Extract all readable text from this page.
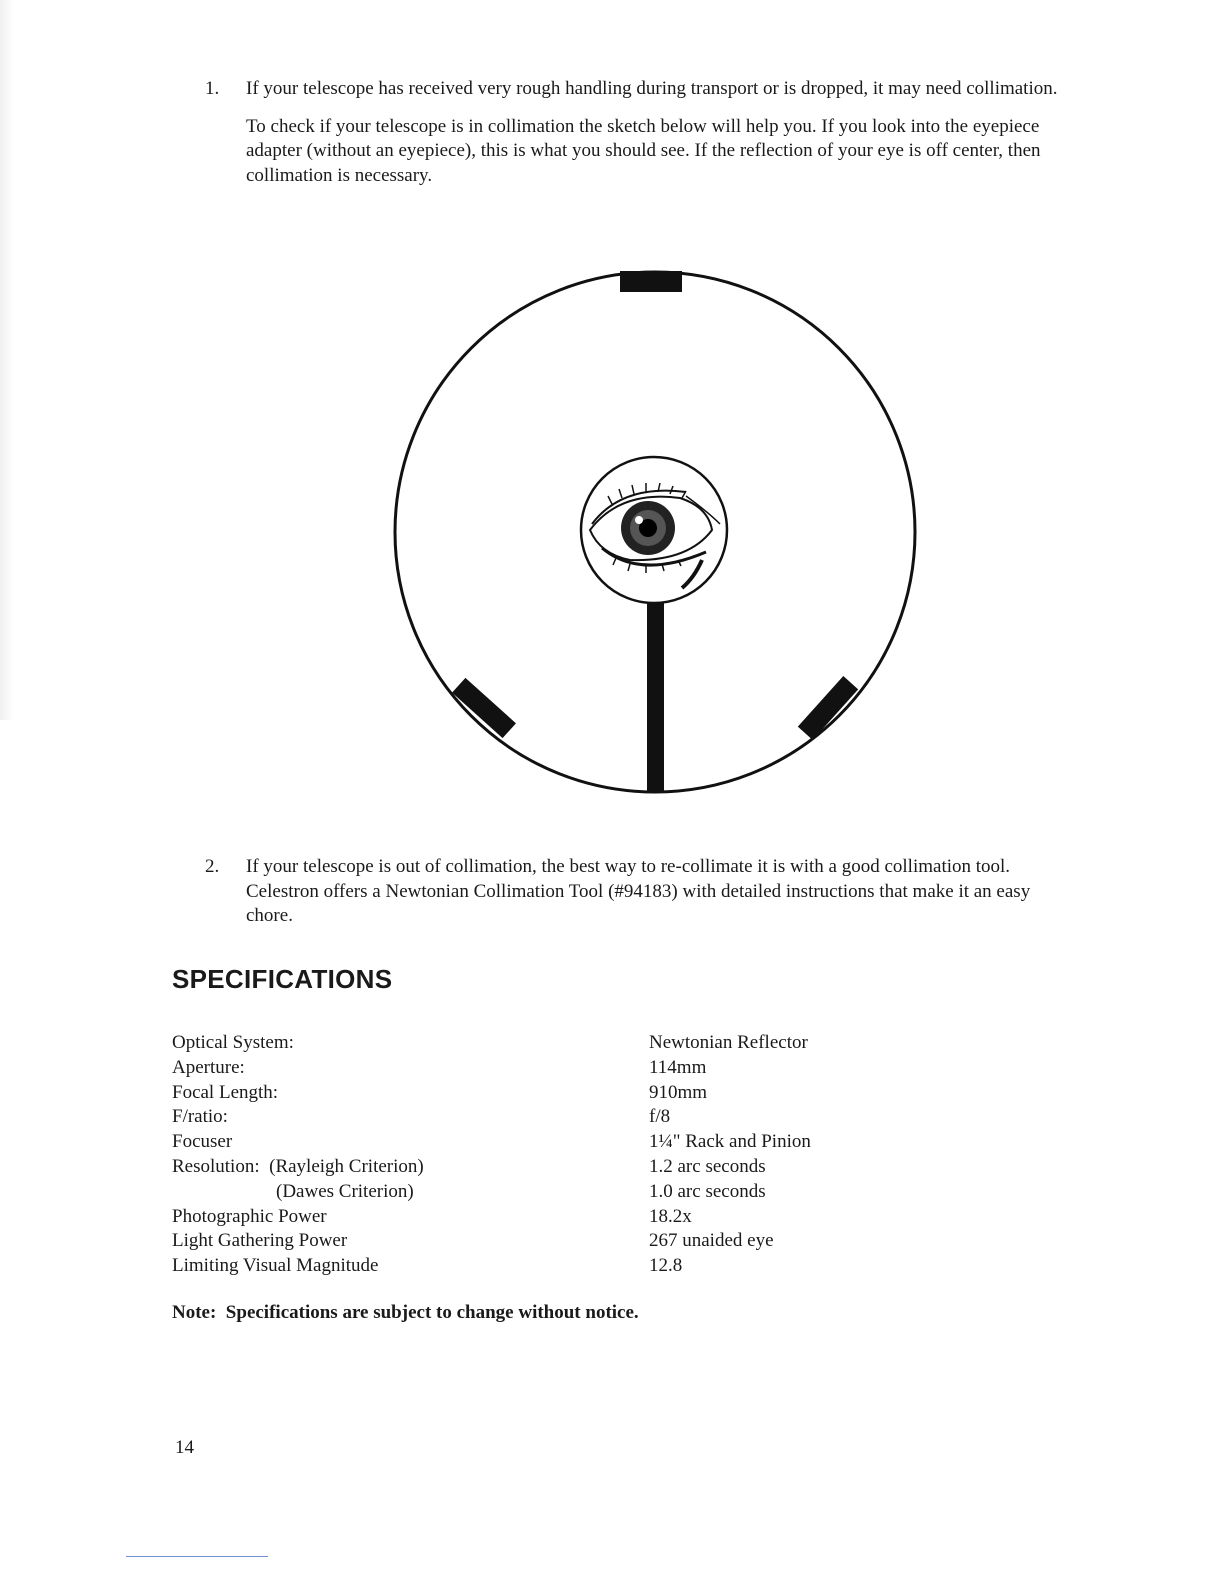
1. If your telescope has received very rough handling during transport or is dropped, it may need collimation.

To check if your telescope is in collimation the sketch below will help you. If you look into the eyepiece adapter (without an eyepiece), this is what you should see. If the reflection of your eye is off center, then collimation is necessary.

2. If your telescope is out of collimation, the best way to re-collimate it is with a good collimation tool. Celestron offers a Newtonian Collimation Tool (#94183) with detailed instructions that make it an easy chore.

SPECIFICATIONS
Optical System:	Newtonian Reflector
Aperture:	114mm
Focal Length:	910mm
F/ratio:	f/8
Focuser	1¼" Rack and Pinion
Resolution:  (Rayleigh Criterion)	1.2 arc seconds
(Dawes Criterion)	1.0 arc seconds
Photographic Power	18.2x
Light Gathering Power	267 unaided eye
Limiting Visual Magnitude	12.8

Note:  Specifications are subject to change without notice.

14
